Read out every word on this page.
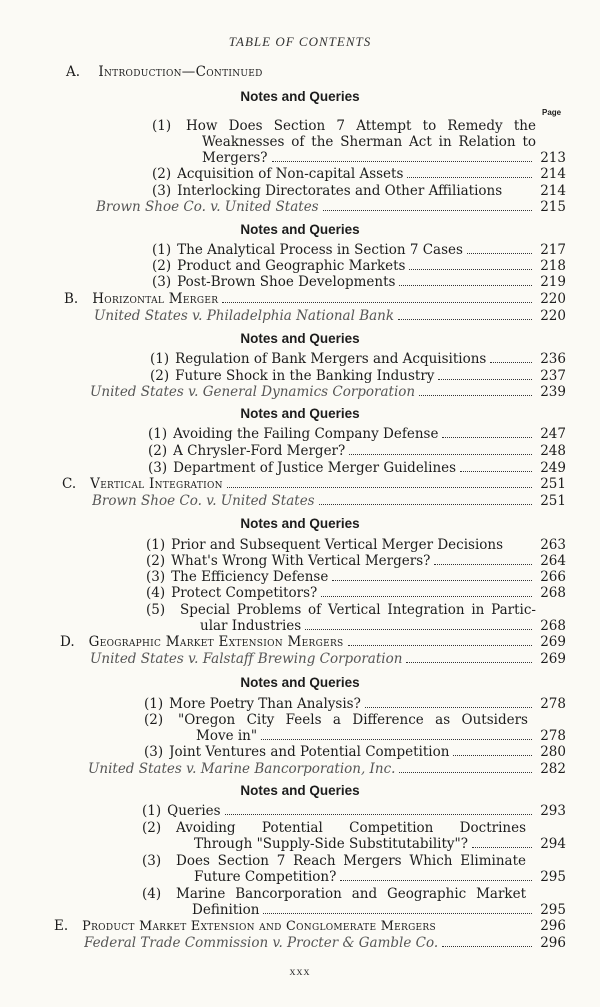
TABLE OF CONTENTS
A. Introduction—Continued
Notes and Queries
Page
(1)	How Does Section 7 Attempt to Remedy the
Weaknesses of the Sherman Act in Relation to
Mergers?	213
(2) Acquisition of Non-capital Assets	214
(3) Interlocking Directorates and Other Affiliations	214
Brown Shoe Co. v. United States	215
Notes and Queries
(1) The Analytical Process in Section 7 Cases	217
(2) Product and Geographic Markets	218
(3) Post-Brown Shoe Developments	219
B. Horizontal Merger	220
United States v. Philadelphia National Bank	220
Notes and Queries
(1) Regulation of Bank Mergers and Acquisitions	236
(2) Future Shock in the Banking Industry	237
United States v. General Dynamics Corporation	239
Notes and Queries
(1) Avoiding the Failing Company Defense	247
(2) A Chrysler-Ford Merger?	248
(3) Department of Justice Merger Guidelines	249
C. Vertical Integration	251
Brown Shoe Co. v. United States	251
Notes and Queries
(1) Prior and Subsequent Vertical Merger Decisions	263
(2) What's Wrong With Vertical Mergers?	264
(3) The Efficiency Defense	266
(4) Protect Competitors?	268
(5) Special Problems of Vertical Integration in Partic-
ular Industries	268
D. Geographic Market Extension Mergers	269
United States v. Falstaff Brewing Corporation	269
Notes and Queries
(1) More Poetry Than Analysis?	278
(2) "Oregon City Feels a Difference as Outsiders
Move in"	278
(3) Joint Ventures and Potential Competition	280
United States v. Marine Bancorporation, Inc.	282
Notes and Queries
(1) Queries	293
(2) Avoiding Potential Competition Doctrines
Through "Supply-Side Substitutability"?	294
(3) Does Section 7 Reach Mergers Which Eliminate
Future Competition?	295
(4) Marine Bancorporation and Geographic Market
Definition	295
E. Product Market Extension and Conglomerate Mergers	296
Federal Trade Commission v. Procter & Gamble Co.	296
xxx
